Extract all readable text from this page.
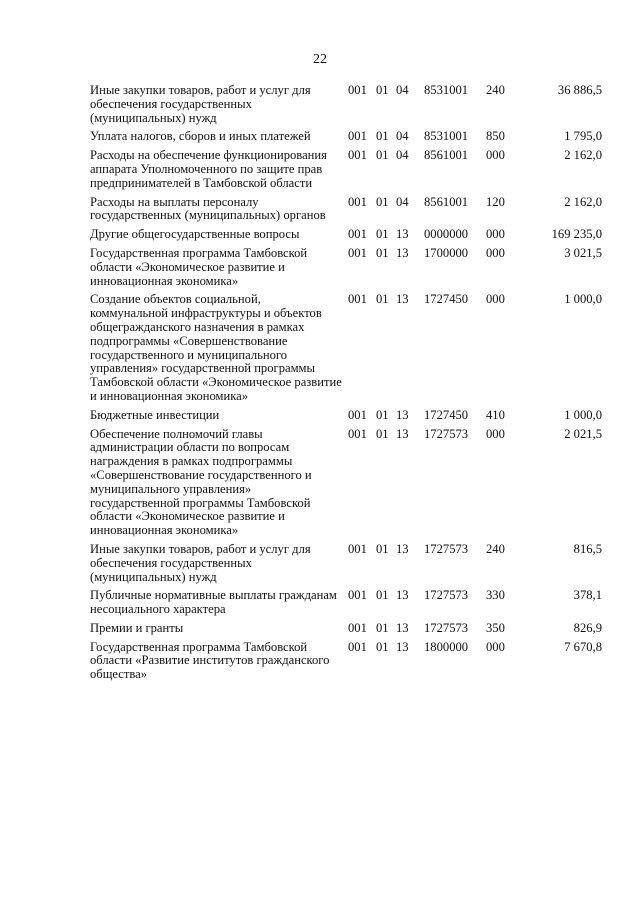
22
Иные закупки товаров, работ и услуг для обеспечения государственных (муниципальных) нужд	001	01	04	8531001	240	36 886,5
Уплата налогов, сборов и иных платежей	001	01	04	8531001	850	1 795,0
Расходы на обеспечение функционирования аппарата Уполномоченного по защите прав предпринимателей в Тамбовской области	001	01	04	8561001	000	2 162,0
Расходы на выплаты персоналу государственных (муниципальных) органов	001	01	04	8561001	120	2 162,0
Другие общегосударственные вопросы	001	01	13	0000000	000	169 235,0
Государственная программа Тамбовской области «Экономическое развитие и инновационная экономика»	001	01	13	1700000	000	3 021,5
Создание объектов социальной, коммунальной инфраструктуры и объектов общегражданского назначения в рамках подпрограммы «Совершенствование государственного и муниципального управления» государственной программы Тамбовской области «Экономическое развитие и инновационная экономика»	001	01	13	1727450	000	1 000,0
Бюджетные инвестиции	001	01	13	1727450	410	1 000,0
Обеспечение полномочий главы администрации области по вопросам награждения в рамках подпрограммы «Совершенствование государственного и муниципального управления» государственной программы Тамбовской области «Экономическое развитие и инновационная экономика»	001	01	13	1727573	000	2 021,5
Иные закупки товаров, работ и услуг для обеспечения государственных (муниципальных) нужд	001	01	13	1727573	240	816,5
Публичные нормативные выплаты гражданам несоциального характера	001	01	13	1727573	330	378,1
Премии и гранты	001	01	13	1727573	350	826,9
Государственная программа Тамбовской области «Развитие институтов гражданского общества»	001	01	13	1800000	000	7 670,8
